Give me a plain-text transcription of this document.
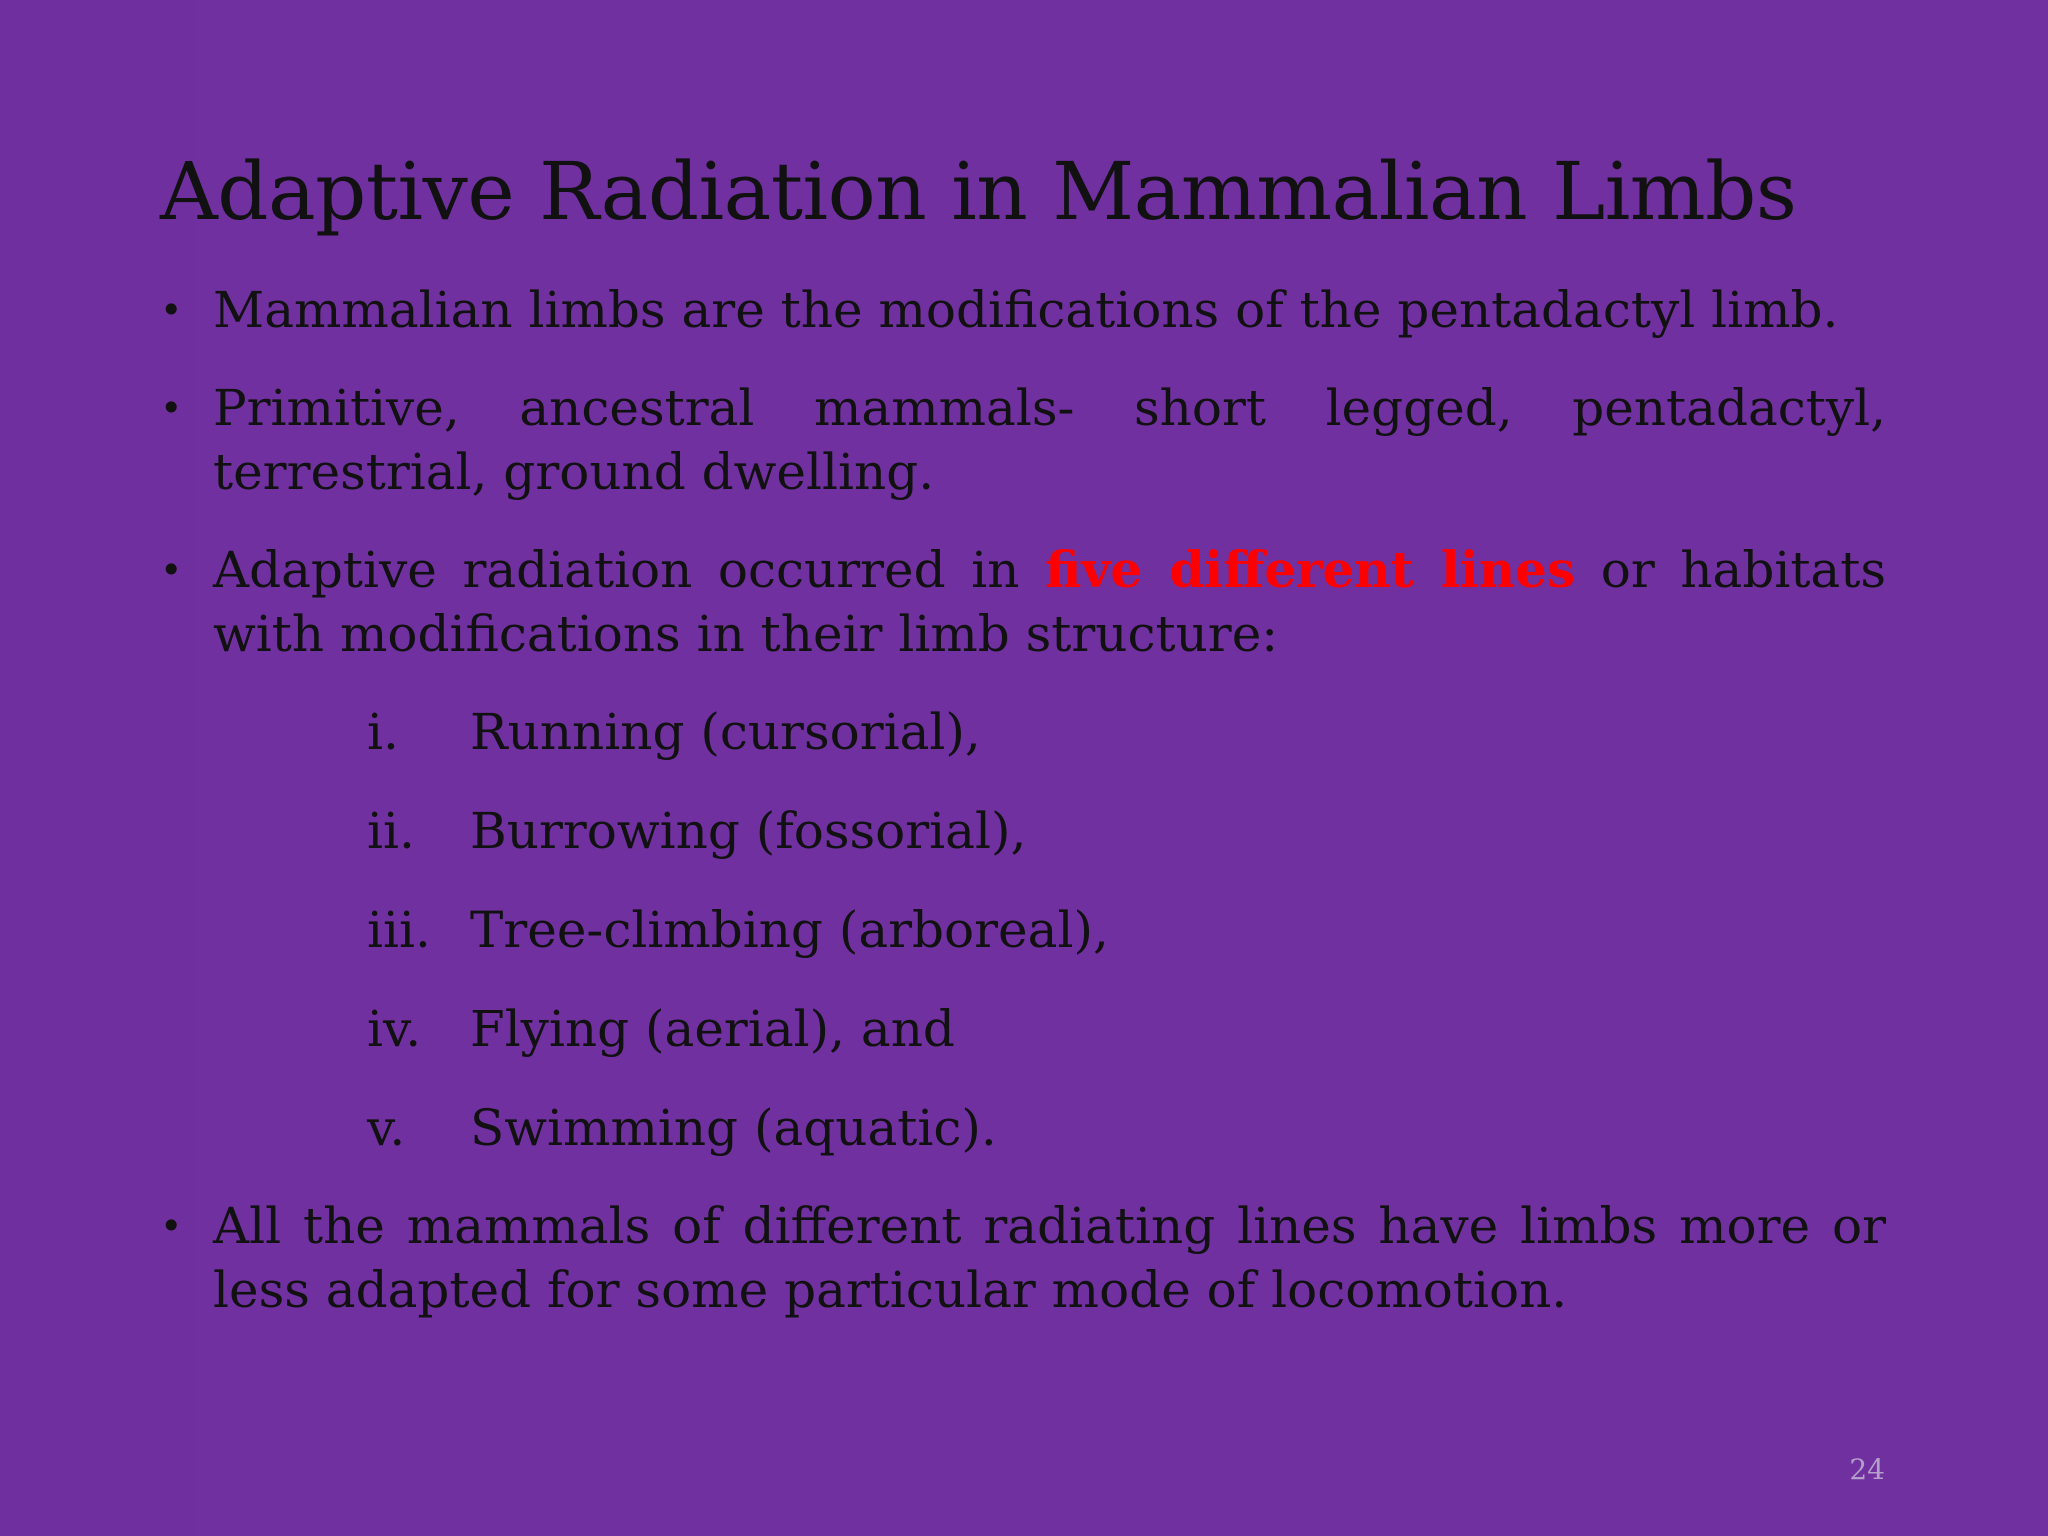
Adaptive Radiation in Mammalian Limbs
• Mammalian limbs are the modifications of the pentadactyl limb.
• Primitive, ancestral mammals- short legged, pentadactyl, terrestrial, ground dwelling.
• Adaptive radiation occurred in five different lines or habitats with modifications in their limb structure:
i. Running (cursorial),
ii. Burrowing (fossorial),
iii. Tree-climbing (arboreal),
iv. Flying (aerial), and
v. Swimming (aquatic).
• All the mammals of different radiating lines have limbs more or less adapted for some particular mode of locomotion.
24
